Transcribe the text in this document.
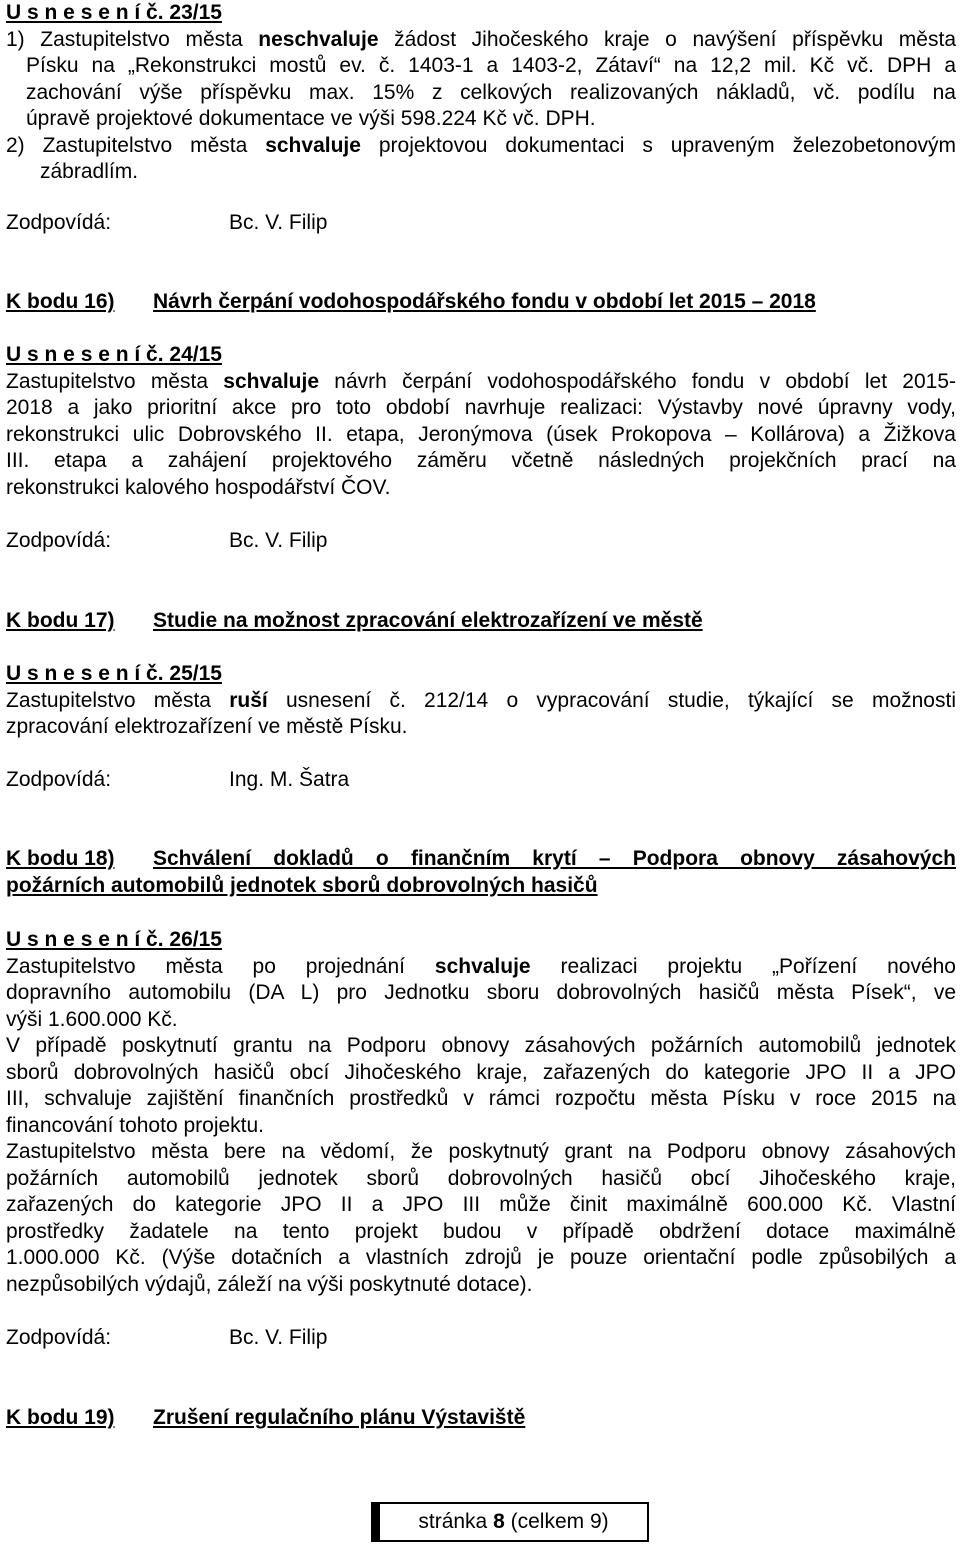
U s n e s e n í č. 23/15
1) Zastupitelstvo města neschvaluje žádost Jihočeského kraje o navýšení příspěvku města
Písku na „Rekonstrukci mostů ev. č. 1403-1 a 1403-2, Zátaví“ na 12,2 mil. Kč vč. DPH a
zachování výše příspěvku max. 15% z celkových realizovaných nákladů, vč. podílu na
úpravě projektové dokumentace ve výši 598.224 Kč vč. DPH.
2) Zastupitelstvo města schvaluje projektovou dokumentaci s upraveným železobetonovým
zábradlím.
Zodpovídá:	Bc. V. Filip
K bodu 16) Návrh čerpání vodohospodářského fondu v období let 2015 – 2018
U s n e s e n í č. 24/15
Zastupitelstvo města schvaluje návrh čerpání vodohospodářského fondu v období let 2015-
2018 a jako prioritní akce pro toto období navrhuje realizaci: Výstavby nové úpravny vody,
rekonstrukci ulic Dobrovského II. etapa, Jeronýmova (úsek Prokopova – Kollárova) a Žižkova
III. etapa a zahájení projektového záměru včetně následných projekčních prací na
rekonstrukci kalového hospodářství ČOV.
Zodpovídá:	Bc. V. Filip
K bodu 17) Studie na možnost zpracování elektrozařízení ve městě
U s n e s e n í č. 25/15
Zastupitelstvo města ruší usnesení č. 212/14 o vypracování studie, týkající se možnosti
zpracování elektrozařízení ve městě Písku.
Zodpovídá:	Ing. M. Šatra
K bodu 18) Schválení dokladů o finančním krytí – Podpora obnovy zásahových
požárních automobilů jednotek sborů dobrovolných hasičů
U s n e s e n í č. 26/15
Zastupitelstvo města po projednání schvaluje realizaci projektu „Pořízení nového
dopravního automobilu (DA L) pro Jednotku sboru dobrovolných hasičů města Písek“, ve
výši 1.600.000 Kč.
V případě poskytnutí grantu na Podporu obnovy zásahových požárních automobilů jednotek
sborů dobrovolných hasičů obcí Jihočeského kraje, zařazených do kategorie JPO II a JPO
III, schvaluje zajištění finančních prostředků v rámci rozpočtu města Písku v roce 2015 na
financování tohoto projektu.
Zastupitelstvo města bere na vědomí, že poskytnutý grant na Podporu obnovy zásahových
požárních automobilů jednotek sborů dobrovolných hasičů obcí Jihočeského kraje,
zařazených do kategorie JPO II a JPO III může činit maximálně 600.000 Kč. Vlastní
prostředky žadatele na tento projekt budou v případě obdržení dotace maximálně
1.000.000 Kč. (Výše dotačních a vlastních zdrojů je pouze orientační podle způsobilých a
nezpůsobilých výdajů, záleží na výši poskytnuté dotace).
Zodpovídá:	Bc. V. Filip
K bodu 19) Zrušení regulačního plánu Výstaviště
stránka 8 (celkem 9)
